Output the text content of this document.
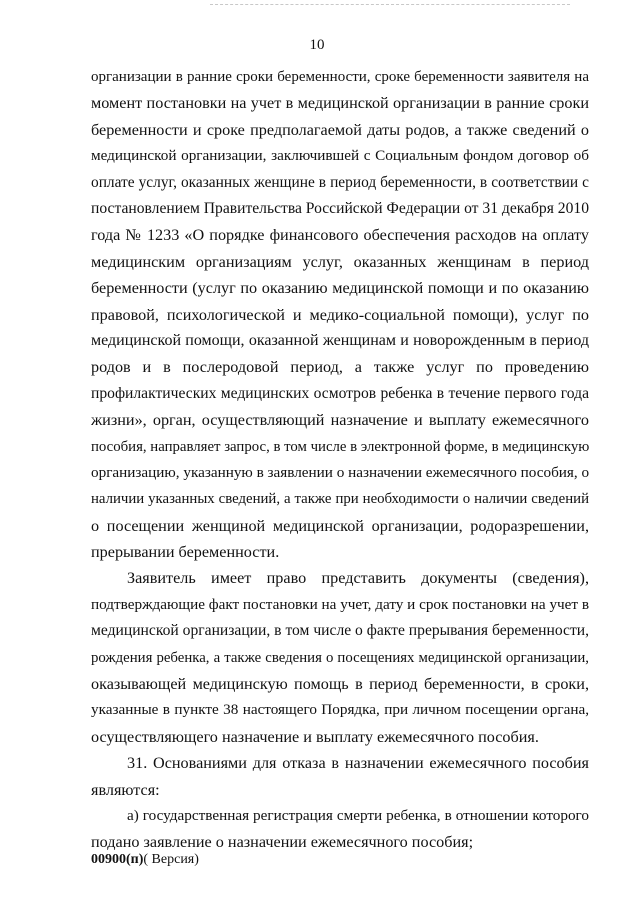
10
организации в ранние сроки беременности, сроке беременности заявителя на
момент постановки на учет в медицинской организации в ранние сроки
беременности и сроке предполагаемой даты родов, а также сведений о
медицинской организации, заключившей с Социальным фондом договор об
оплате услуг, оказанных женщине в период беременности, в соответствии с
постановлением Правительства Российской Федерации от 31 декабря 2010
года № 1233 «О порядке финансового обеспечения расходов на оплату
медицинским организациям услуг, оказанных женщинам в период
беременности (услуг по оказанию медицинской помощи и по оказанию
правовой, психологической и медико-социальной помощи), услуг по
медицинской помощи, оказанной женщинам и новорожденным в период
родов и в послеродовой период, а также услуг по проведению
профилактических медицинских осмотров ребенка в течение первого года
жизни», орган, осуществляющий назначение и выплату ежемесячного
пособия, направляет запрос, в том числе в электронной форме, в медицинскую
организацию, указанную в заявлении о назначении ежемесячного пособия, о
наличии указанных сведений, а также при необходимости о наличии сведений
о посещении женщиной медицинской организации, родоразрешении,
прерывании беременности.
Заявитель имеет право представить документы (сведения),
подтверждающие факт постановки на учет, дату и срок постановки на учет в
медицинской организации, в том числе о факте прерывания беременности,
рождения ребенка, а также сведения о посещениях медицинской организации,
оказывающей медицинскую помощь в период беременности, в сроки,
указанные в пункте 38 настоящего Порядка, при личном посещении органа,
осуществляющего назначение и выплату ежемесячного пособия.
31. Основаниями для отказа в назначении ежемесячного пособия
являются:
а) государственная регистрация смерти ребенка, в отношении которого
подано заявление о назначении ежемесячного пособия;
00900(п)( Версия)
